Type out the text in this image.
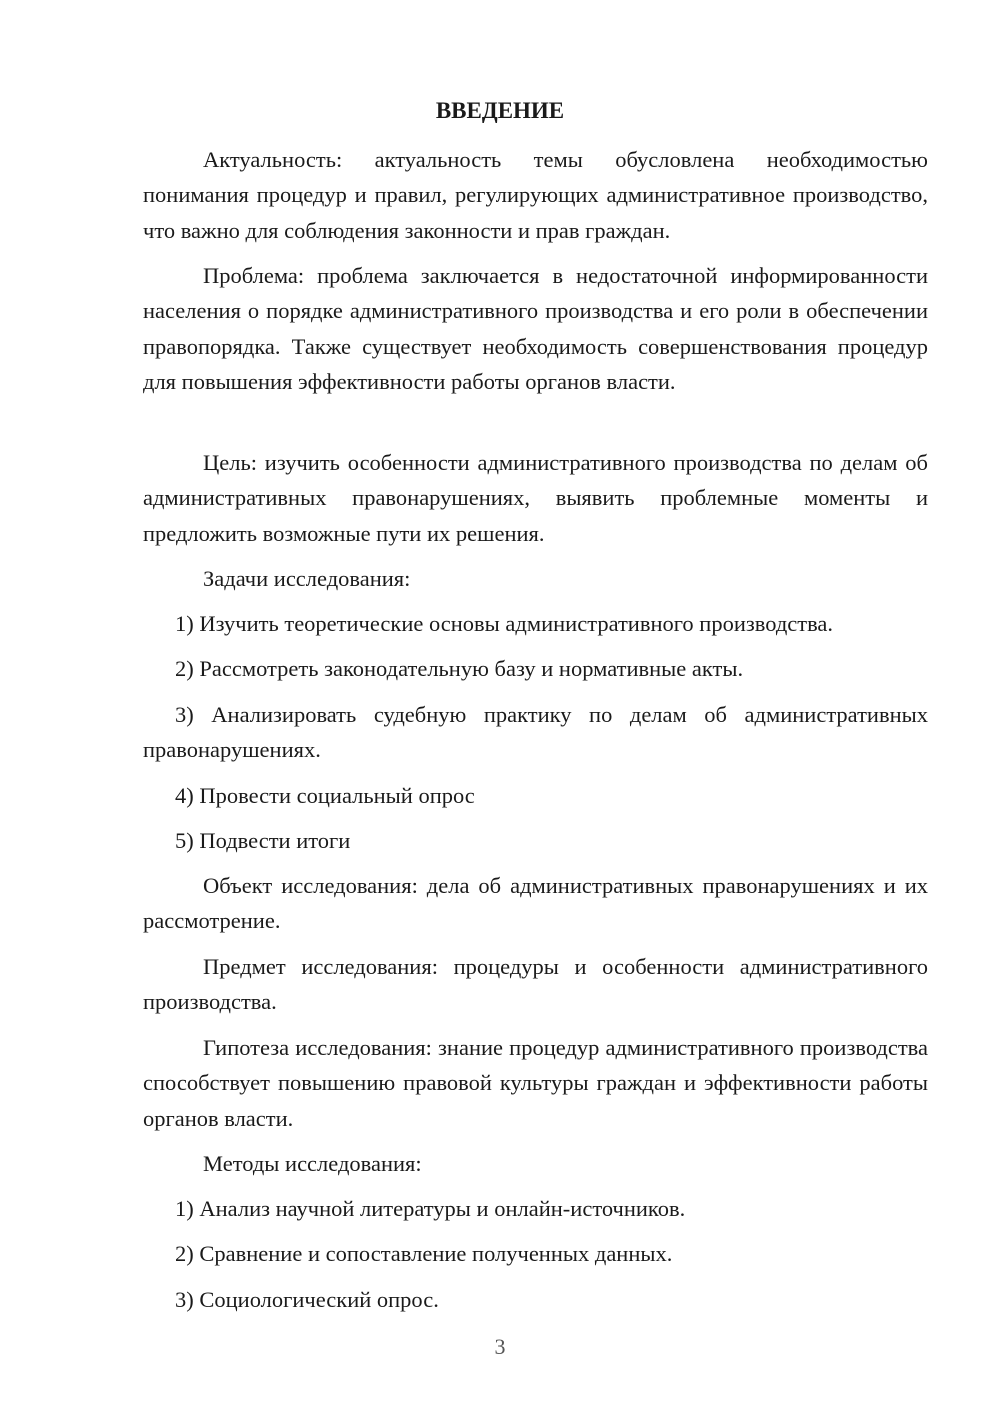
ВВЕДЕНИЕ

Актуальность: актуальность темы обусловлена необходимостью понимания процедур и правил, регулирующих административное производство, что важно для соблюдения законности и прав граждан.

Проблема: проблема заключается в недостаточной информированности населения о порядке административного производства и его роли в обеспечении правопорядка. Также существует необходимость совершенствования процедур для повышения эффективности работы органов власти.

Цель: изучить особенности административного производства по делам об административных правонарушениях, выявить проблемные моменты и предложить возможные пути их решения.

Задачи исследования:

1) Изучить теоретические основы административного производства.

2) Рассмотреть законодательную базу и нормативные акты.

3) Анализировать судебную практику по делам об административных правонарушениях.

4) Провести социальный опрос

5) Подвести итоги

Объект исследования: дела об административных правонарушениях и их рассмотрение.

Предмет исследования: процедуры и особенности административного производства.

Гипотеза исследования: знание процедур административного производства способствует повышению правовой культуры граждан и эффективности работы органов власти.

Методы исследования:

1) Анализ научной литературы и онлайн-источников.

2) Сравнение и сопоставление полученных данных.

3) Социологический опрос.

3
